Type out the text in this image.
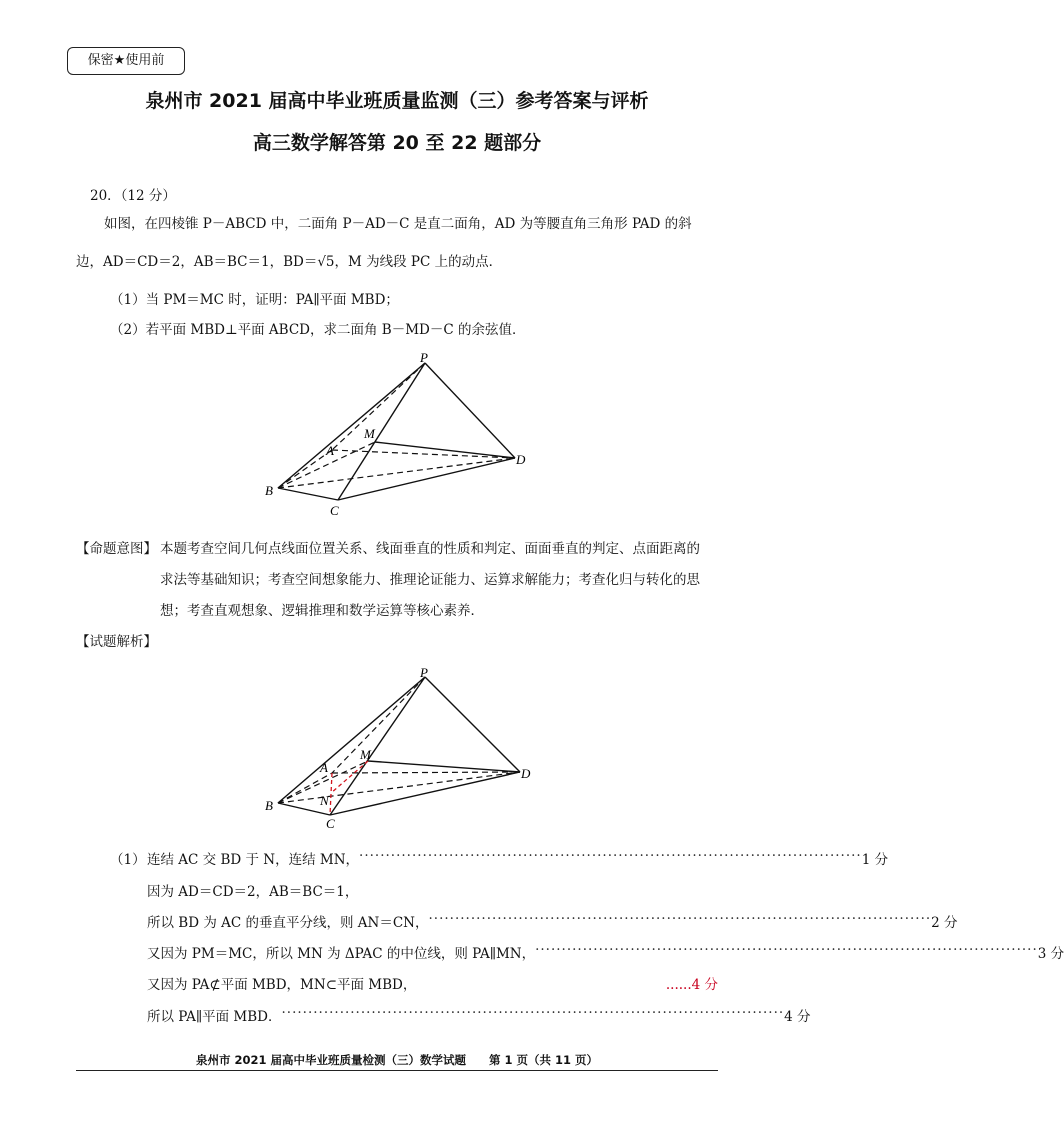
保密★使用前
泉州市 2021 届高中毕业班质量监测（三）参考答案与评析
高三数学解答第 20 至 22 题部分
20．（12 分）
如图，在四棱锥 P－ABCD 中，二面角 P－AD－C 是直二面角，AD 为等腰直角三角形 PAD 的斜
边，AD＝CD＝2，AB＝BC＝1，BD＝√5，M 为线段 PC 上的动点．
（1）当 PM＝MC 时，证明：PA∥平面 MBD；
（2）若平面 MBD⊥平面 ABCD，求二面角 B－MD－C 的余弦值．
P
M
A
D
B
C
【命题意图】 本题考查空间几何点线面位置关系、线面垂直的性质和判定、面面垂直的判定、点面距离的
求法等基础知识；考查空间想象能力、推理论证能力、运算求解能力；考查化归与转化的思
想；考查直观想象、逻辑推理和数学运算等核心素养．
【试题解析】
M
P
A
N
D
B
C
（1） 连结 AC 交 BD 于 N，连结 MN， ······························································································· 1 分
因为 AD＝CD＝2，AB＝BC＝1，
所以 BD 为 AC 的垂直平分线，则 AN＝CN， ······························································································· 2 分
又因为 PM＝MC，所以 MN 为 ΔPAC 的中位线，则 PA∥MN， ······························································································· 3 分
又因为 PA⊄平面 MBD，MN⊂平面 MBD，	......4 分
所以 PA∥平面 MBD． ······························································································· 4 分
泉州市 2021 届高中毕业班质量检测（三）数学试题　　第 1 页（共 11 页）
